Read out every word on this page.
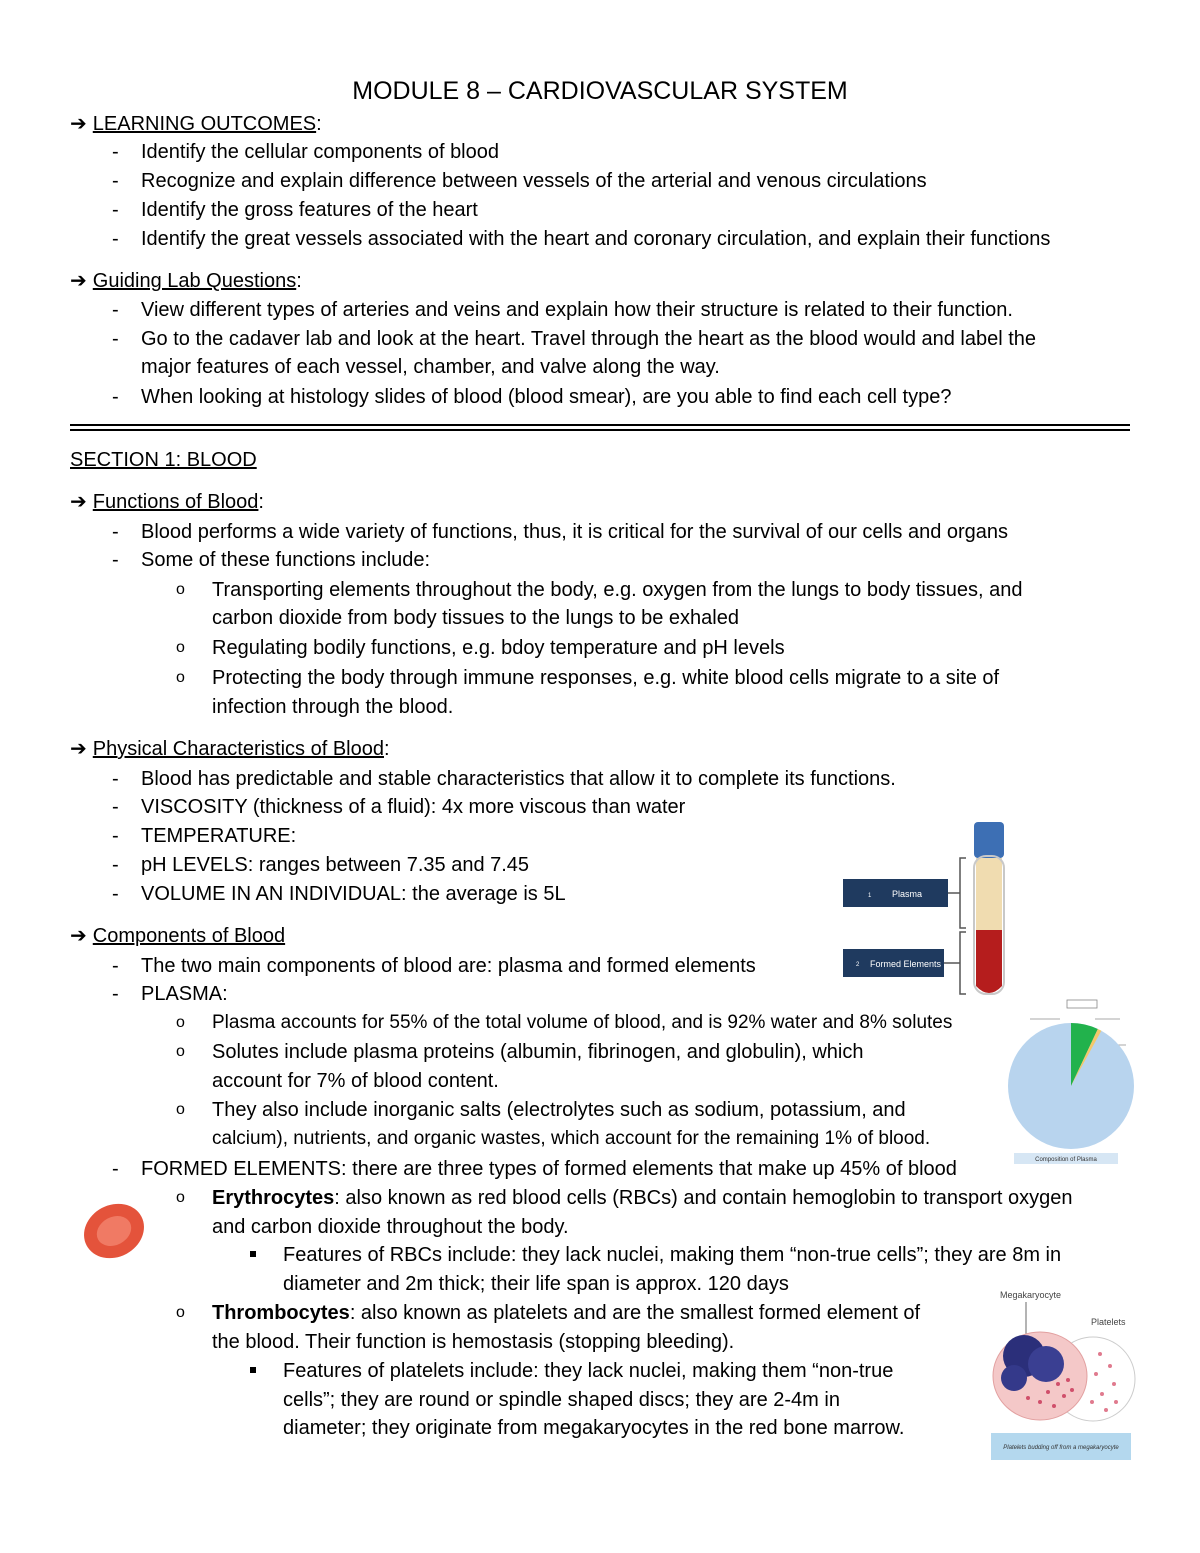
MODULE 8 – CARDIOVASCULAR SYSTEM
➔ LEARNING OUTCOMES:
- Identify the cellular components of blood
- Recognize and explain difference between vessels of the arterial and venous circulations
- Identify the gross features of the heart
- Identify the great vessels associated with the heart and coronary circulation, and explain their functions
➔ Guiding Lab Questions:
- View different types of arteries and veins and explain how their structure is related to their function.
- Go to the cadaver lab and look at the heart. Travel through the heart as the blood would and label the
major features of each vessel, chamber, and valve along the way.
- When looking at histology slides of blood (blood smear), are you able to find each cell type?
SECTION 1: BLOOD
➔ Functions of Blood:
- Blood performs a wide variety of functions, thus, it is critical for the survival of our cells and organs
- Some of these functions include:
o Transporting elements throughout the body, e.g. oxygen from the lungs to body tissues, and
carbon dioxide from body tissues to the lungs to be exhaled
o Regulating bodily functions, e.g. bdoy temperature and pH levels
o Protecting the body through immune responses, e.g. white blood cells migrate to a site of
infection through the blood.
➔ Physical Characteristics of Blood:
- Blood has predictable and stable characteristics that allow it to complete its functions.
- VISCOSITY (thickness of a fluid): 4x more viscous than water
- TEMPERATURE:
- pH LEVELS: ranges between 7.35 and 7.45
- VOLUME IN AN INDIVIDUAL: the average is 5L
➔ Components of Blood
- The two main components of blood are: plasma and formed elements
- PLASMA:
o Plasma accounts for 55% of the total volume of blood, and is 92% water and 8% solutes
o Solutes include plasma proteins (albumin, fibrinogen, and globulin), which
account for 7% of blood content.
o They also include inorganic salts (electrolytes such as sodium, potassium, and
calcium), nutrients, and organic wastes, which account for the remaining 1% of blood.
- FORMED ELEMENTS: there are three types of formed elements that make up 45% of blood
o Erythrocytes: also known as red blood cells (RBCs) and contain hemoglobin to transport oxygen
and carbon dioxide throughout the body.
Features of RBCs include: they lack nuclei, making them “non-true cells”; they are 8m in
diameter and 2m thick; their life span is approx. 120 days
o Thrombocytes: also known as platelets and are the smallest formed element of
the blood. Their function is hemostasis (stopping bleeding).
Features of platelets include: they lack nuclei, making them “non-true
cells”; they are round or spindle shaped discs; they are 2-4m in
diameter; they originate from megakaryocytes in the red bone marrow.
1 Plasma
2 Formed Elements
Composition of Plasma
Megakaryocyte
Platelets
Platelets budding off from a megakaryocyte
